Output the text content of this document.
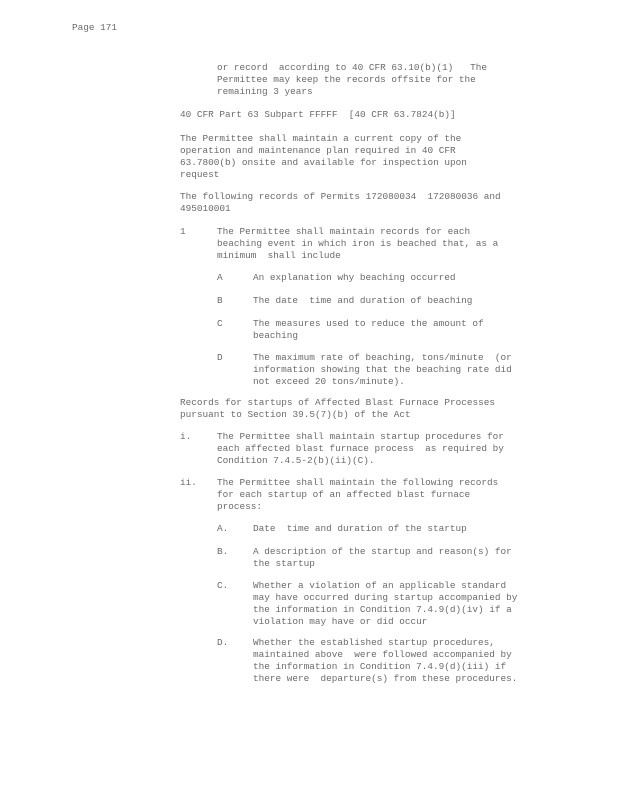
Page 171
or record  according to 40 CFR 63.10(b)(1)   The
Permittee may keep the records offsite for the
remaining 3 years
40 CFR Part 63 Subpart FFFFF  [40 CFR 63.7824(b)]
The Permittee shall maintain a current copy of the
operation and maintenance plan required in 40 CFR
63.7800(b) onsite and available for inspection upon
request
The following records of Permits 172080034  172080036 and
495010001
1	The Permittee shall maintain records for each
beaching event in which iron is beached that, as a
minimum  shall include
A	An explanation why beaching occurred
B	The date  time and duration of beaching
C	The measures used to reduce the amount of
beaching
D	The maximum rate of beaching, tons/minute  (or
information showing that the beaching rate did
not exceed 20 tons/minute).
Records for startups of Affected Blast Furnace Processes
pursuant to Section 39.5(7)(b) of the Act
i.	The Permittee shall maintain startup procedures for
each affected blast furnace process  as required by
Condition 7.4.5-2(b)(ii)(C).
ii. The Permittee shall maintain the following records
for each startup of an affected blast furnace
process:
A.	Date  time and duration of the startup
B.	A description of the startup and reason(s) for
the startup
C.	Whether a violation of an applicable standard
may have occurred during startup accompanied by
the information in Condition 7.4.9(d)(iv) if a
violation may have or did occur
D.	Whether the established startup procedures,
maintained above  were followed accompanied by
the information in Condition 7.4.9(d)(iii) if
there were  departure(s) from these procedures.
